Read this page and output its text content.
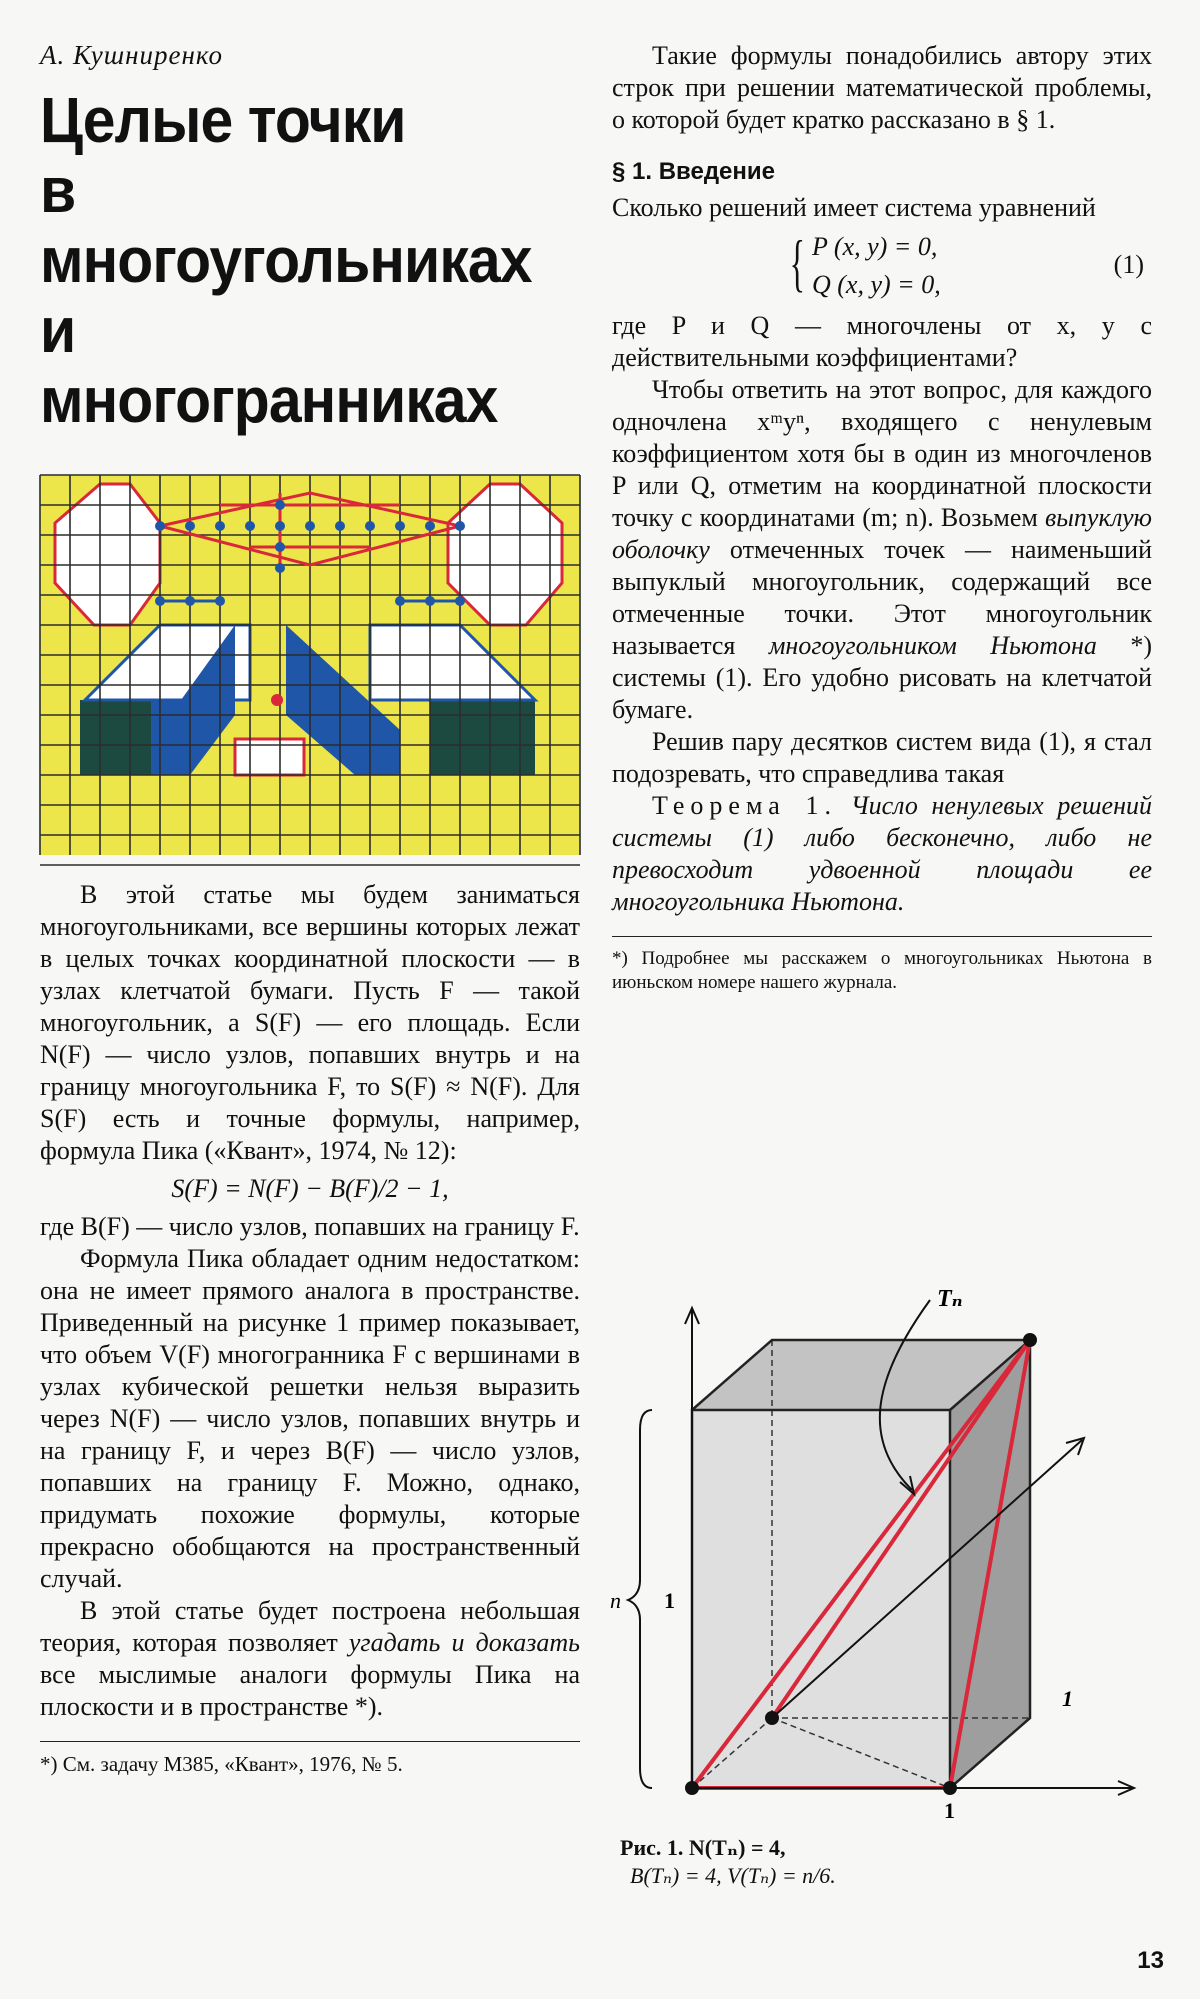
А. Кушниренко
Целые точки
в многоугольниках
и многогранниках

В этой статье мы будем заниматься многоугольниками, все вершины которых лежат в целых точках координатной плоскости — в узлах клетчатой бумаги. Пусть F — такой многоугольник, а S(F) — его площадь. Если N(F) — число узлов, попавших внутрь и на границу многоугольника F, то S(F) ≈ N(F). Для S(F) есть и точные формулы, например, формула Пика («Квант», 1974, № 12):

S(F) = N(F) − B(F)/2 − 1,

где B(F) — число узлов, попавших на границу F.

Формула Пика обладает одним недостатком: она не имеет прямого аналога в пространстве. Приведенный на рисунке 1 пример показывает, что объем V(F) многогранника F с вершинами в узлах кубической решетки нельзя выразить через N(F) — число узлов, попавших внутрь и на границу F, и через B(F) — число узлов, попавших на границу F. Можно, однако, придумать похожие формулы, которые прекрасно обобщаются на пространственный случай.

В этой статье будет построена небольшая теория, которая позволяет угадать и доказать все мыслимые аналоги формулы Пика на плоскости и в пространстве *).

*) См. задачу М385, «Квант», 1976, № 5.

Такие формулы понадобились автору этих строк при решении математической проблемы, о которой будет кратко рассказано в § 1.

§ 1. Введение

Сколько решений имеет система уравнений

{ P (x, y) = 0,
Q (x, y) = 0,
(1)

где P и Q — многочлены от x, y с действительными коэффициентами?

Чтобы ответить на этот вопрос, для каждого одночлена xᵐyⁿ, входящего с ненулевым коэффициентом хотя бы в один из многочленов P или Q, отметим на координатной плоскости точку с координатами (m; n). Возьмем выпуклую оболочку отмеченных точек — наименьший выпуклый многоугольник, содержащий все отмеченные точки. Этот многоугольник называется многоугольником Ньютона *) системы (1). Его удобно рисовать на клетчатой бумаге.

Решив пару десятков систем вида (1), я стал подозревать, что справедлива такая

Теорема 1. Число ненулевых решений системы (1) либо бесконечно, либо не превосходит удвоенной площади ее многоугольника Ньютона.

*) Подробнее мы расскажем о многоугольниках Ньютона в июньском номере нашего журнала.

n 1
Tₙ
1
1
Рис. 1. N(Tₙ) = 4,
B(Tₙ) = 4, V(Tₙ) = n/6.
13
